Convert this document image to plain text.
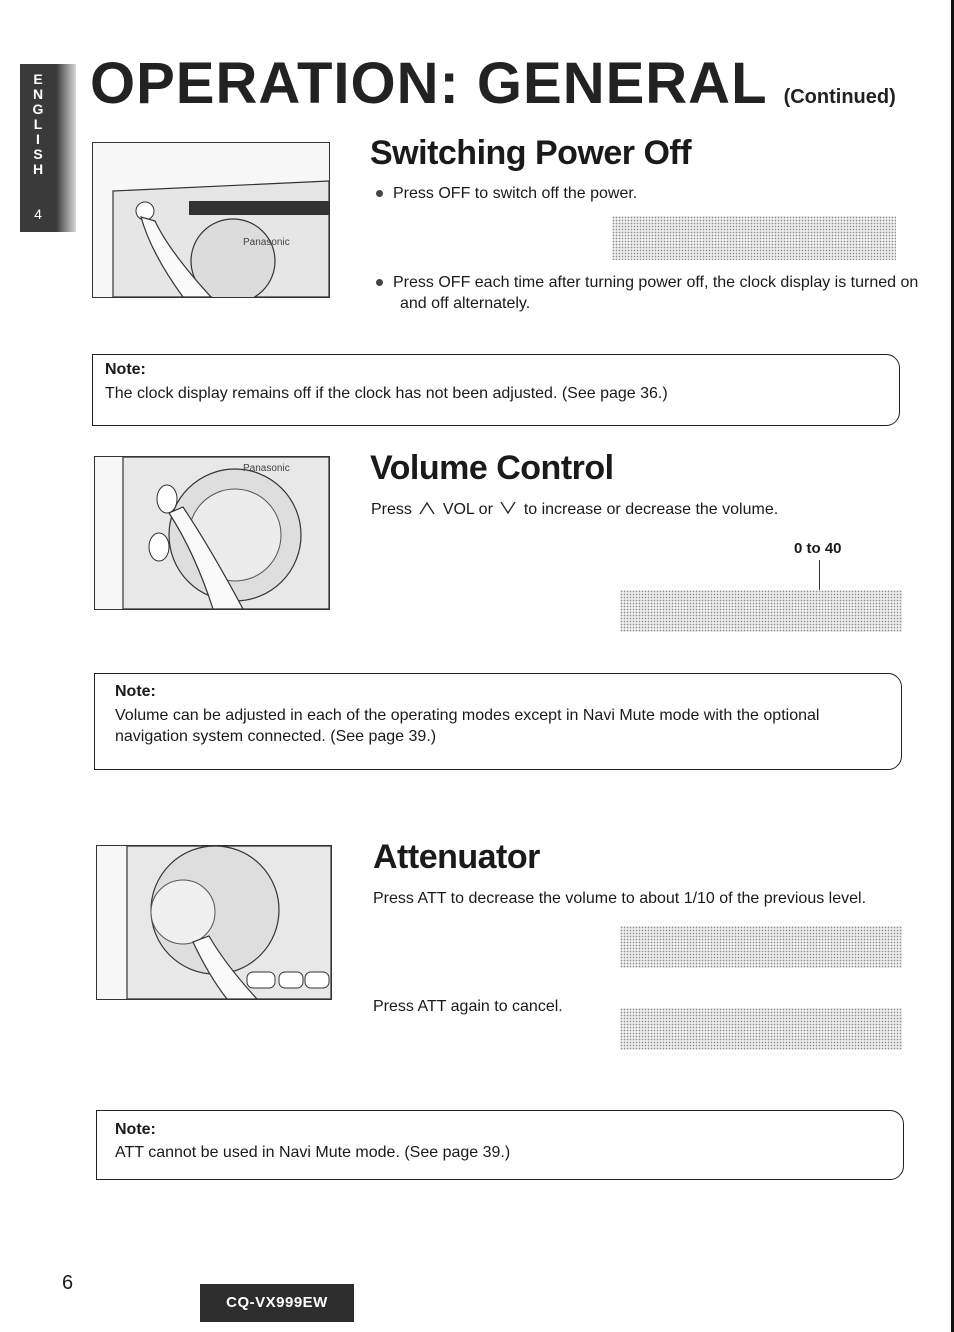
E
N
G
L
I
S
H
4
OPERATION: GENERAL (Continued)
Panasonic
Switching Power Off
Press OFF to switch off the power.
Press OFF each time after turning power off, the clock display is turned on and off alternately.
Note:
The clock display remains off if the clock has not been adjusted. (See page 36.)
Panasonic Volume Control
Press VOL or to increase or decrease the volume.
0 to 40
Note:
Volume can be adjusted in each of the operating modes except in Navi Mute mode with the optional navigation system connected. (See page 39.)
Attenuator
Press ATT to decrease the volume to about 1/10 of the previous level.
Press ATT again to cancel.
Note:
ATT cannot be used in Navi Mute mode. (See page 39.)
6
CQ-VX999EW
